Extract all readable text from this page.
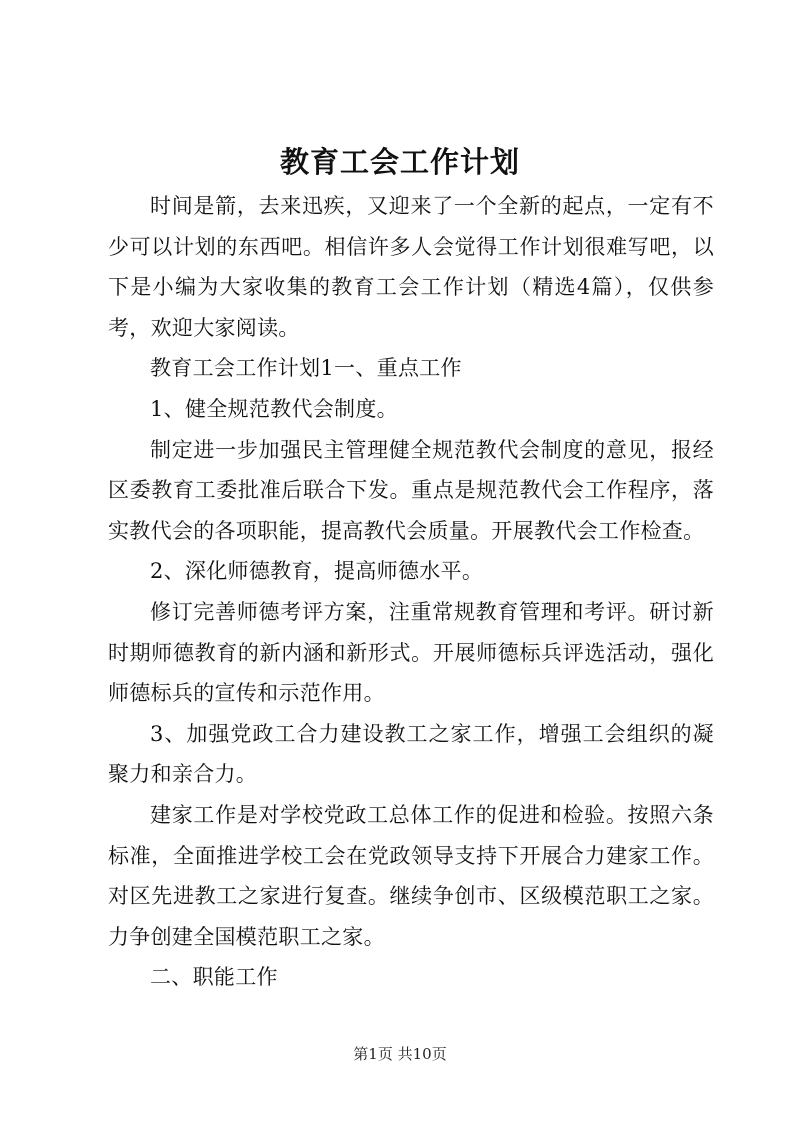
教育工会工作计划

时间是箭，去来迅疾，又迎来了一个全新的起点，一定有不少可以计划的东西吧。相信许多人会觉得工作计划很难写吧，以下是小编为大家收集的教育工会工作计划（精选4篇），仅供参考，欢迎大家阅读。

教育工会工作计划1一、重点工作

1、健全规范教代会制度。

制定进一步加强民主管理健全规范教代会制度的意见，报经区委教育工委批准后联合下发。重点是规范教代会工作程序，落实教代会的各项职能，提高教代会质量。开展教代会工作检查。

2、深化师德教育，提高师德水平。

修订完善师德考评方案，注重常规教育管理和考评。研讨新时期师德教育的新内涵和新形式。开展师德标兵评选活动，强化师德标兵的宣传和示范作用。

3、加强党政工合力建设教工之家工作，增强工会组织的凝聚力和亲合力。

建家工作是对学校党政工总体工作的促进和检验。按照六条标准，全面推进学校工会在党政领导支持下开展合力建家工作。对区先进教工之家进行复查。继续争创市、区级模范职工之家。力争创建全国模范职工之家。

二、职能工作

第1页 共10页
